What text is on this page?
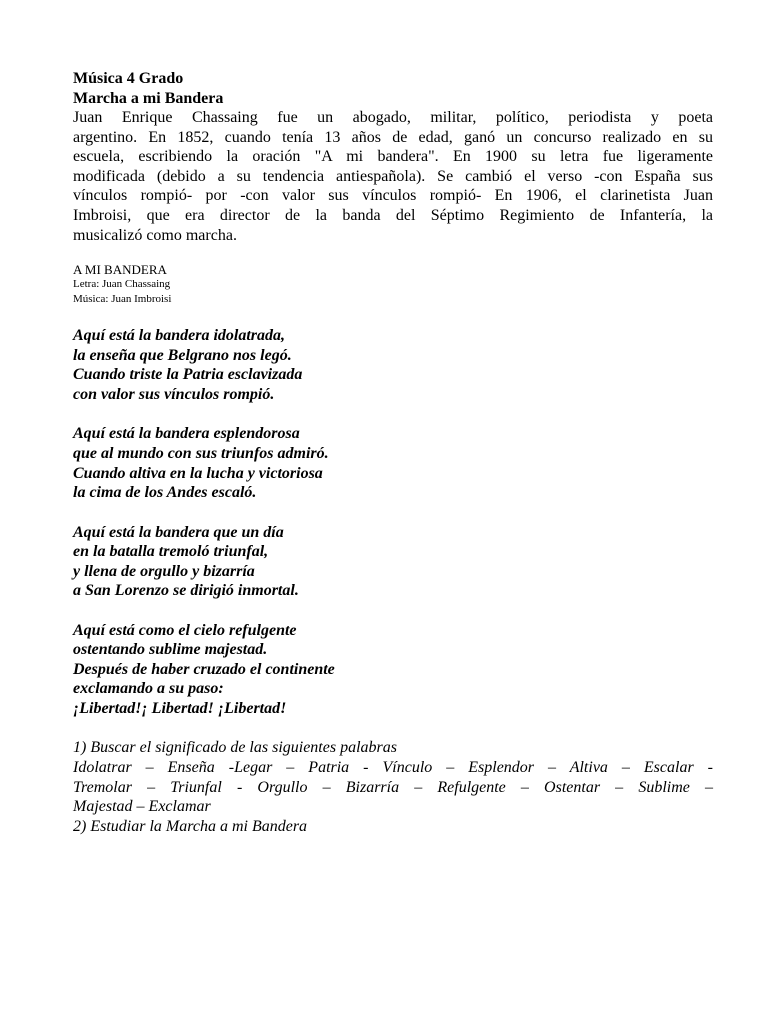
Música 4 Grado
Marcha a mi Bandera
Juan Enrique Chassaing fue un abogado, militar, político, periodista y poeta
argentino. En 1852, cuando tenía 13 años de edad, ganó un concurso realizado en su
escuela, escribiendo la oración "A mi bandera". En 1900 su letra fue ligeramente
modificada (debido a su tendencia antiespañola). Se cambió el verso -con España sus
vínculos rompió- por -con valor sus vínculos rompió- En 1906, el clarinetista Juan
Imbroisi, que era director de la banda del Séptimo Regimiento de Infantería, la
musicalizó como marcha.
A MI BANDERA
Letra: Juan Chassaing
Música: Juan Imbroisi
Aquí está la bandera idolatrada,
la enseña que Belgrano nos legó.
Cuando triste la Patria esclavizada
con valor sus vínculos rompió.
Aquí está la bandera esplendorosa
que al mundo con sus triunfos admiró.
Cuando altiva en la lucha y victoriosa
la cima de los Andes escaló.
Aquí está la bandera que un día
en la batalla tremoló triunfal,
y llena de orgullo y bizarría
a San Lorenzo se dirigió inmortal.
Aquí está como el cielo refulgente
ostentando sublime majestad.
Después de haber cruzado el continente
exclamando a su paso:
¡Libertad!¡ Libertad! ¡Libertad!
1) Buscar el significado de las siguientes palabras
Idolatrar – Enseña -Legar – Patria - Vínculo – Esplendor – Altiva – Escalar -
Tremolar – Triunfal - Orgullo – Bizarría – Refulgente – Ostentar – Sublime –
Majestad – Exclamar
2) Estudiar la Marcha a mi Bandera
